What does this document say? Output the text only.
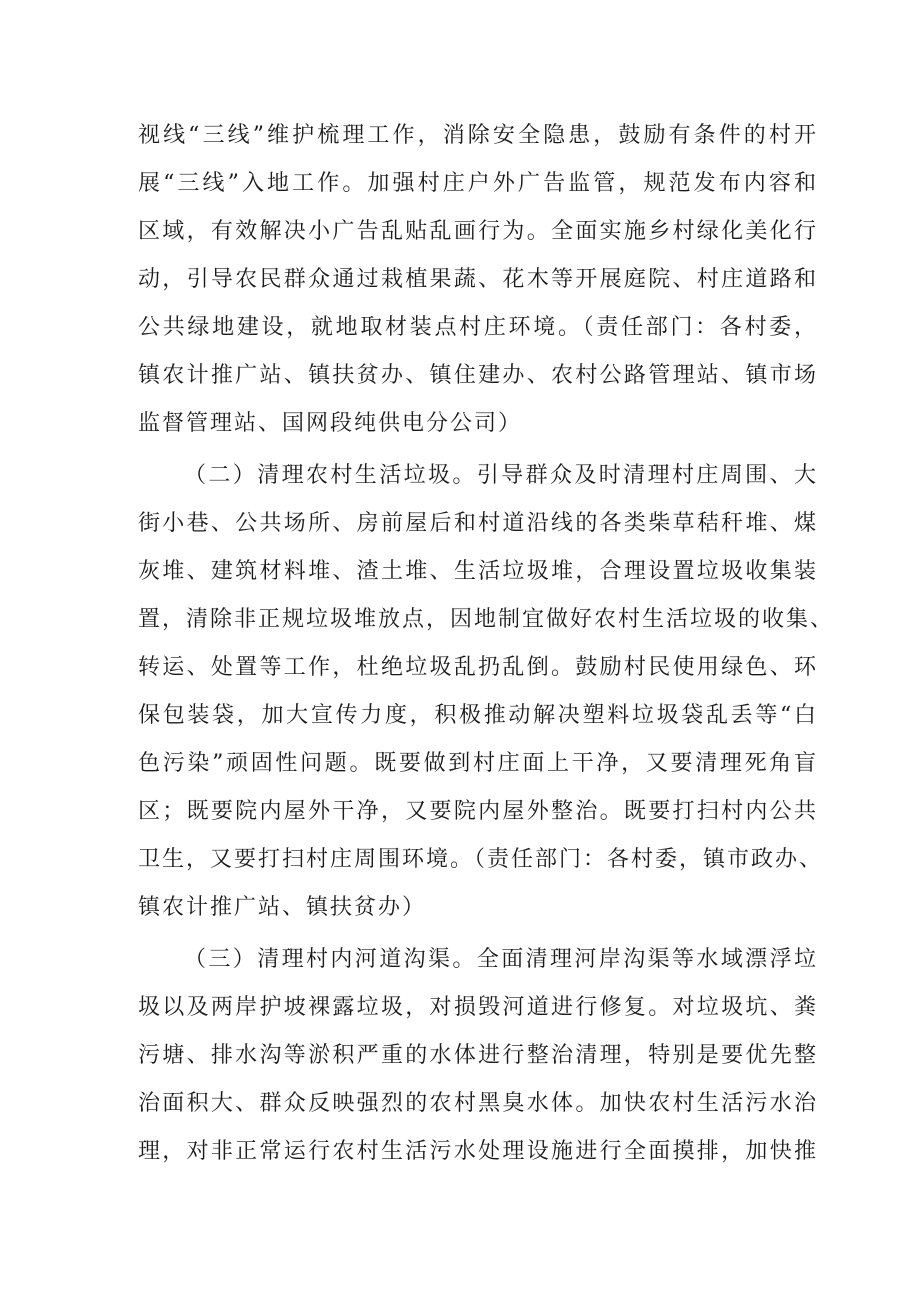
视线“三线”维护梳理工作，消除安全隐患，鼓励有条件的村开
展“三线”入地工作。加强村庄户外广告监管，规范发布内容和
区域，有效解决小广告乱贴乱画行为。全面实施乡村绿化美化行
动，引导农民群众通过栽植果蔬、花木等开展庭院、村庄道路和
公共绿地建设，就地取材装点村庄环境。（责任部门：各村委，
镇农计推广站、镇扶贫办、镇住建办、农村公路管理站、镇市场
监督管理站、国网段纯供电分公司）
（二）清理农村生活垃圾。引导群众及时清理村庄周围、大
街小巷、公共场所、房前屋后和村道沿线的各类柴草秸秆堆、煤
灰堆、建筑材料堆、渣土堆、生活垃圾堆，合理设置垃圾收集装
置，清除非正规垃圾堆放点，因地制宜做好农村生活垃圾的收集、
转运、处置等工作，杜绝垃圾乱扔乱倒。鼓励村民使用绿色、环
保包装袋，加大宣传力度，积极推动解决塑料垃圾袋乱丢等“白
色污染”顽固性问题。既要做到村庄面上干净，又要清理死角盲
区；既要院内屋外干净，又要院内屋外整治。既要打扫村内公共
卫生，又要打扫村庄周围环境。（责任部门：各村委，镇市政办、
镇农计推广站、镇扶贫办）
（三）清理村内河道沟渠。全面清理河岸沟渠等水域漂浮垃
圾以及两岸护坡裸露垃圾，对损毁河道进行修复。对垃圾坑、粪
污塘、排水沟等淤积严重的水体进行整治清理，特别是要优先整
治面积大、群众反映强烈的农村黑臭水体。加快农村生活污水治
理，对非正常运行农村生活污水处理设施进行全面摸排，加快推
